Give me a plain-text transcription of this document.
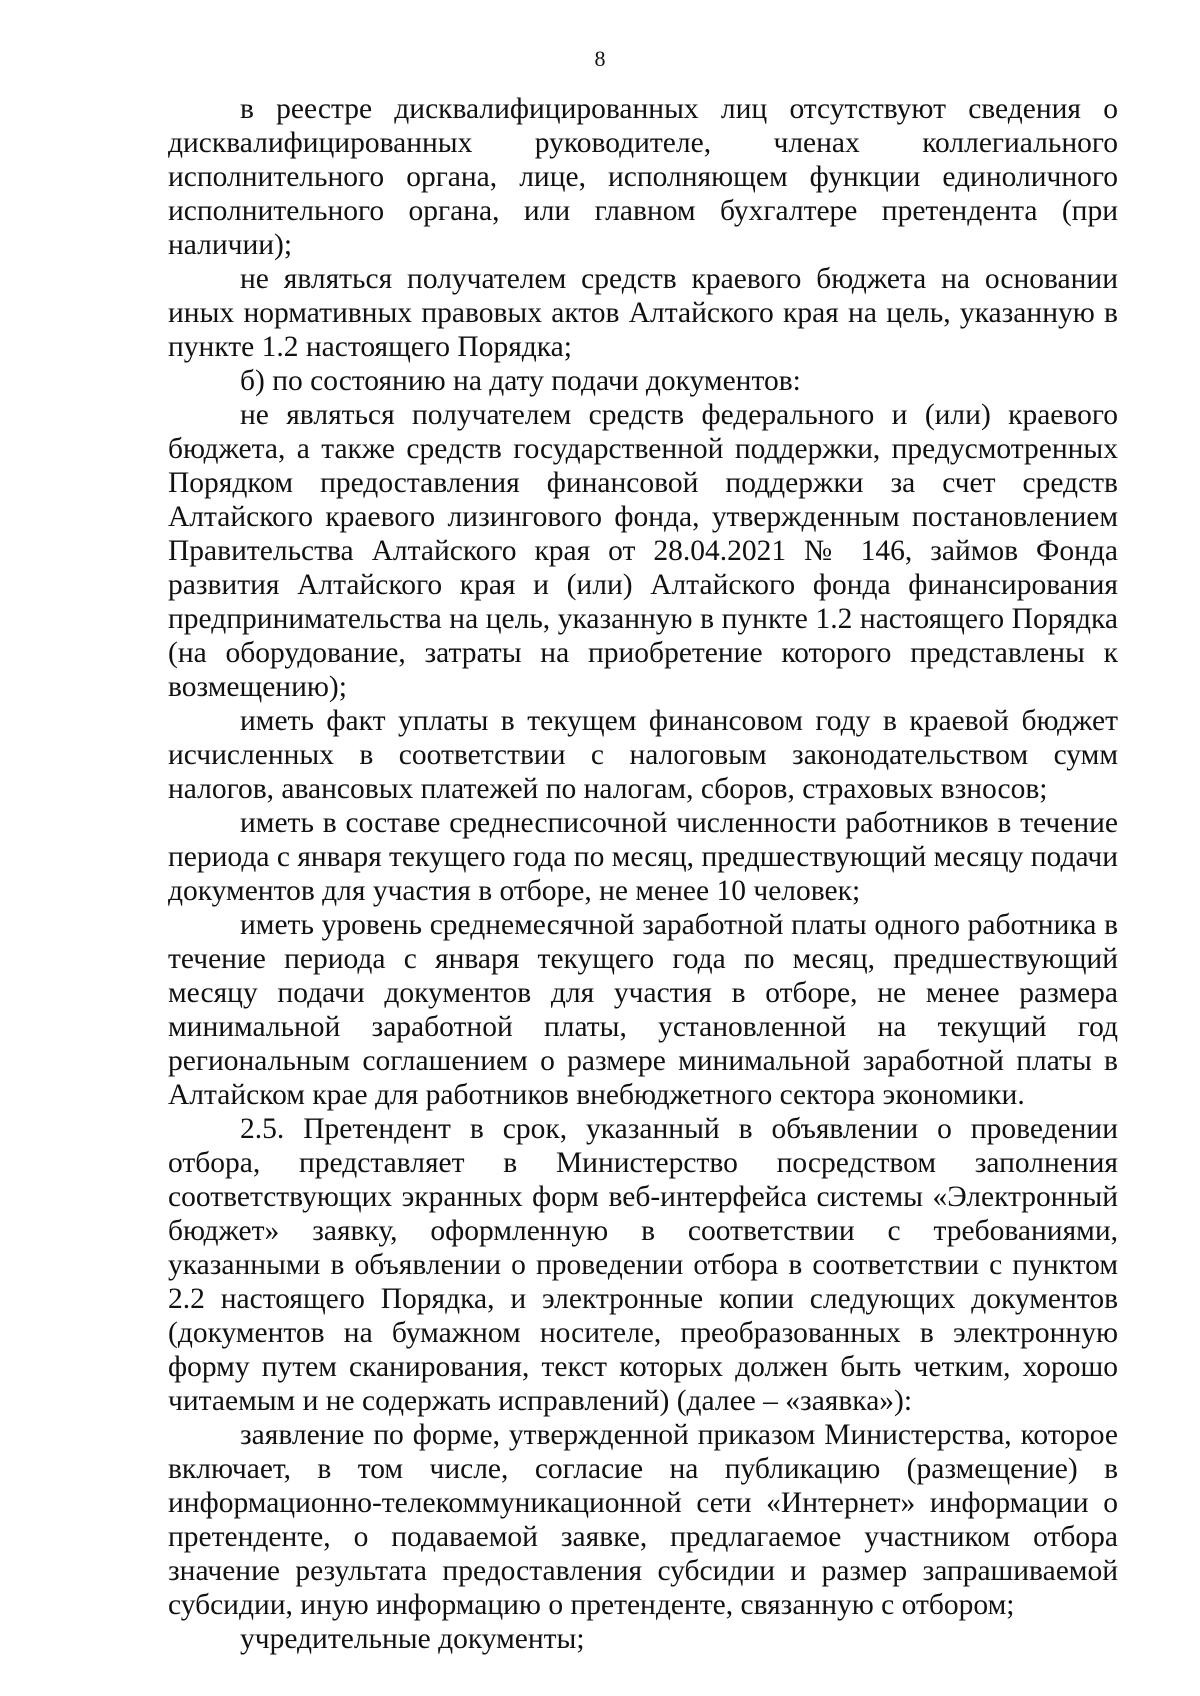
8

в реестре дисквалифицированных лиц отсутствуют сведения о дисквалифицированных руководителе, членах коллегиального исполнительного органа, лице, исполняющем функции единоличного исполнительного органа, или главном бухгалтере претендента (при наличии);

не являться получателем средств краевого бюджета на основании иных нормативных правовых актов Алтайского края на цель, указанную в пункте 1.2 настоящего Порядка;

б) по состоянию на дату подачи документов:

не являться получателем средств федерального и (или) краевого бюджета, а также средств государственной поддержки, предусмотренных Порядком предоставления финансовой поддержки за счет средств Алтайского краевого лизингового фонда, утвержденным постановлением Правительства Алтайского края от 28.04.2021 № 146, займов Фонда развития Алтайского края и (или) Алтайского фонда финансирования предпринимательства на цель, указанную в пункте 1.2 настоящего Порядка (на оборудование, затраты на приобретение которого представлены к возмещению);

иметь факт уплаты в текущем финансовом году в краевой бюджет исчисленных в соответствии с налоговым законодательством сумм налогов, авансовых платежей по налогам, сборов, страховых взносов;

иметь в составе среднесписочной численности работников в течение периода с января текущего года по месяц, предшествующий месяцу подачи документов для участия в отборе, не менее 10 человек;

иметь уровень среднемесячной заработной платы одного работника в течение периода с января текущего года по месяц, предшествующий месяцу подачи документов для участия в отборе, не менее размера минимальной заработной платы, установленной на текущий год региональным соглашением о размере минимальной заработной платы в Алтайском крае для работников внебюджетного сектора экономики.

2.5. Претендент в срок, указанный в объявлении о проведении отбора, представляет в Министерство посредством заполнения соответствующих экранных форм веб-интерфейса системы «Электронный бюджет» заявку, оформленную в соответствии с требованиями, указанными в объявлении о проведении отбора в соответствии с пунктом 2.2 настоящего Порядка, и электронные копии следующих документов (документов на бумажном носителе, преобразованных в электронную форму путем сканирования, текст которых должен быть четким, хорошо читаемым и не содержать исправлений) (далее – «заявка»):

заявление по форме, утвержденной приказом Министерства, которое включает, в том числе, согласие на публикацию (размещение) в информационно-телекоммуникационной сети «Интернет» информации о претенденте, о подаваемой заявке, предлагаемое участником отбора значение результата предоставления субсидии и размер запрашиваемой субсидии, иную информацию о претенденте, связанную с отбором;

учредительные документы;
